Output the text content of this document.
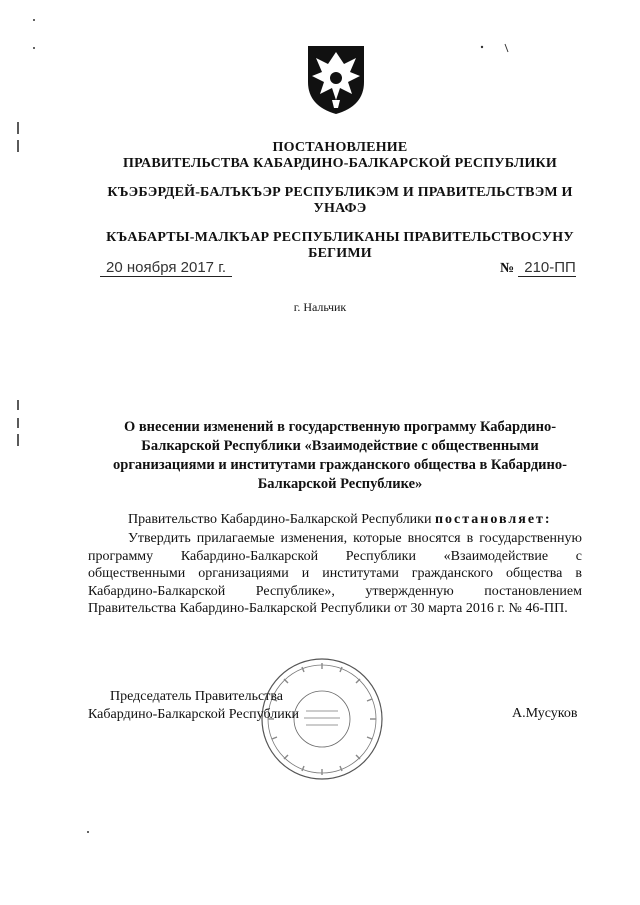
ПОСТАНОВЛЕНИЕ
ПРАВИТЕЛЬСТВА КАБАРДИНО-БАЛКАРСКОЙ РЕСПУБЛИКИ
КЪЭБЭРДЕЙ-БАЛЪКЪЭР РЕСПУБЛИКЭМ И ПРАВИТЕЛЬСТВЭМ И
УНАФЭ
КЪАБАРТЫ-МАЛКЪАР РЕСПУБЛИКАНЫ ПРАВИТЕЛЬСТВОСУНУ
БЕГИМИ
20 ноября 2017 г.	№ 210-ПП
г. Нальчик
О внесении изменений в государственную программу Кабардино-
Балкарской Республики «Взаимодействие с общественными
организациями и институтами гражданского общества в Кабардино-
Балкарской Республике»
Правительство Кабардино-Балкарской Республики постановляет:

Утвердить прилагаемые изменения, которые вносятся в государственную программу Кабардино-Балкарской Республики «Взаимодействие с общественными организациями и институтами гражданского общества в Кабардино-Балкарской Республике», утвержденную постановлением Правительства Кабардино-Балкарской Республики от 30 марта 2016 г. № 46-ПП.

Председатель Правительства
Кабардино-Балкарской Республики	А.Мусуков
